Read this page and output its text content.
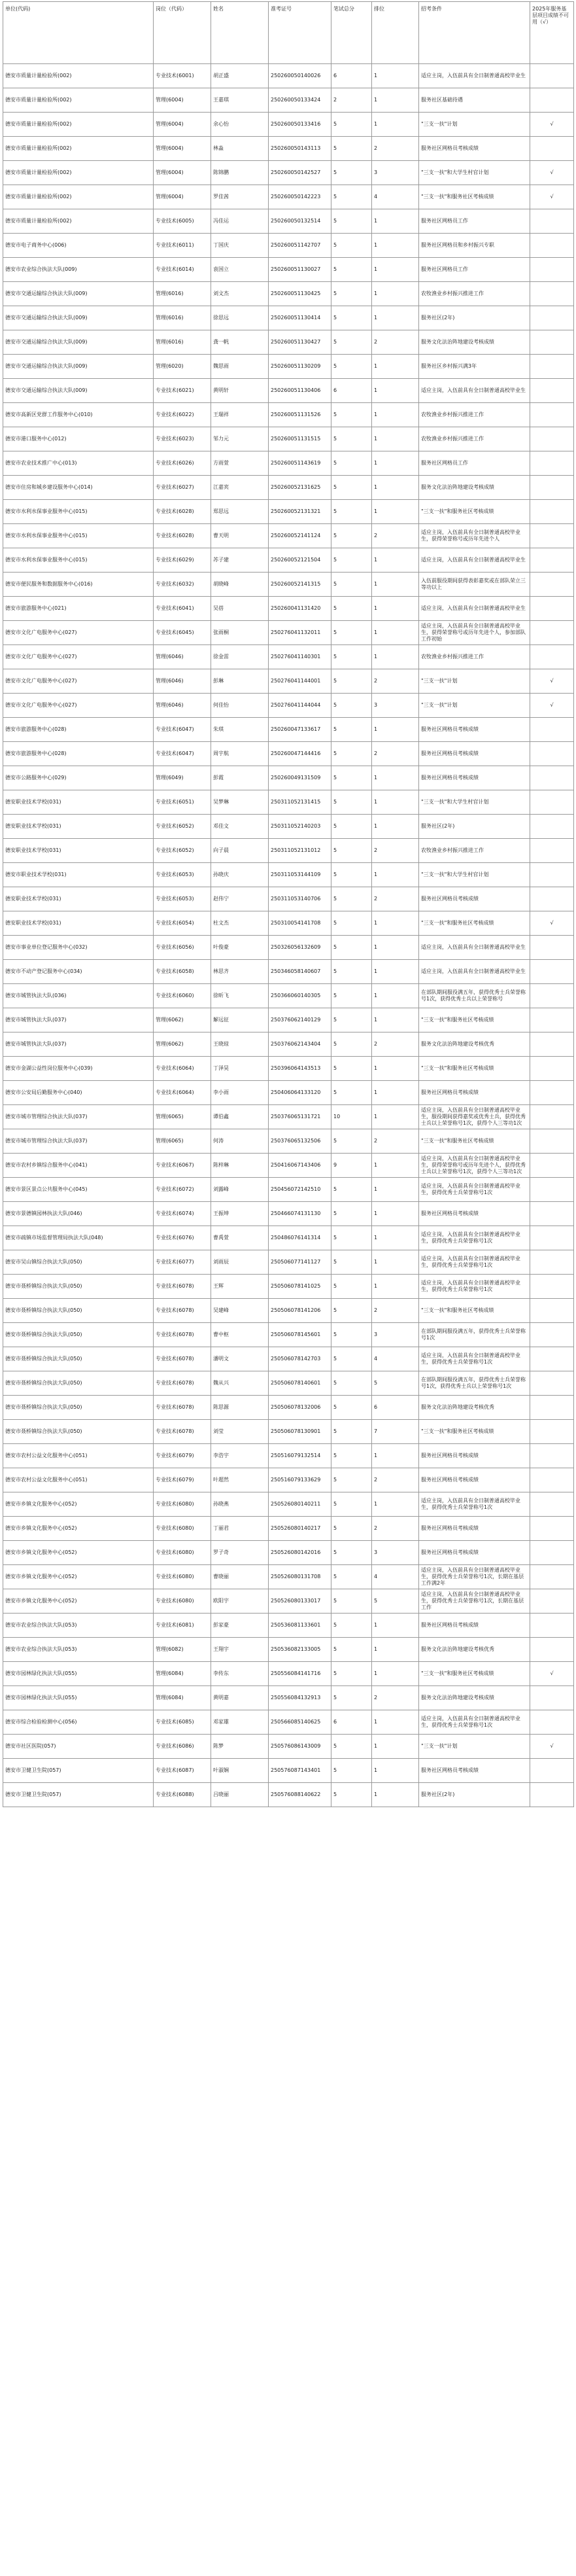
单位(代码)	岗位（代码）	姓名	准考证号	笔试总分	排位	招考条件	2025年服务基层项目成绩不可用（√）
德安市质量计量检验所(002)	专业技术(6001)	胡正盛	250260050140026	6	1	适应主岗，入伍前具有全日制普通高校毕业生	
德安市质量计量检验所(002)	管理(6004)	王嘉琪	250260050133424	2	1	服务社区基础待遇	
德安市质量计量检验所(002)	管理(6004)	余心怡	250260050133416	5	1	"三支一扶"计划	√
德安市质量计量检验所(002)	管理(6004)	林淼	250260050143113	5	2	服务社区网格员考核成绩	
德安市质量计量检验所(002)	管理(6004)	陈锦鹏	250260050142527	5	3	"三支一扶"和大学生村官计划	√
德安市质量计量检验所(002)	管理(6004)	罗佳茜	250260050142223	5	4	"三支一扶"和服务社区考核成绩	√
德安市质量计量检验所(002)	专业技术(6005)	冯佳运	250260050132514	5	1	服务社区网格员工作	
德安市电子商务中心(006)	专业技术(6011)	丁国庆	250260051142707	5	1	服务社区网格员和乡村振兴专职	
德安市农业综合执法大队(009)	专业技术(6014)	袁国立	250260051130027	5	1	服务社区网格员工作	
德安市交通运输综合执法大队(009)	管理(6016)	刘文杰	250260051130425	5	1	农牧渔业乡村振兴推进工作	
德安市交通运输综合执法大队(009)	管理(6016)	徐思远	250260051130414	5	1	服务社区(2年)	
德安市交通运输综合执法大队(009)	管理(6016)	龚一帆	250260051130427	5	2	服务文化法治阵地建设考核成绩	
德安市交通运输综合执法大队(009)	管理(6020)	魏思雨	250260051130209	5	1	服务社区乡村振兴满3年	
德安市交通运输综合执法大队(009)	专业技术(6021)	黄明轩	250260051130406	6	1	适应主岗，入伍前具有全日制普通高校毕业生	
德安市高新区党群工作服务中心(010)	专业技术(6022)	王瑞祥	250260051131526	5	1	农牧渔业乡村振兴推进工作	
德安市港口服务中心(012)	专业技术(6023)	邹力元	250260051131515	5	1	农牧渔业乡村振兴推进工作	
德安市农业技术推广中心(013)	专业技术(6026)	方雨萱	250260051143619	5	1	服务社区网格员工作	
德安市住房和城乡建设服务中心(014)	专业技术(6027)	江嘉宾	250260052131625	5	1	服务文化法治阵地建设考核成绩	
德安市水利水保事业服务中心(015)	专业技术(6028)	郑思远	250260052131321	5	1	"三支一扶"和服务社区考核成绩	
德安市水利水保事业服务中心(015)	专业技术(6028)	曹天明	250260052141124	5	2	适应主岗，入伍前具有全日制普通高校毕业生，获得荣誉称号或历年先进个人	
德安市水利水保事业服务中心(015)	专业技术(6029)	苏子建	250260052121504	5	1	适应主岗，入伍前具有全日制普通高校毕业生	
德安市便民服务和数据服务中心(016)	专业技术(6032)	胡晓峰	250260052141315	5	1	入伍前服役期间获得表彰嘉奖或在部队荣立三等功以上	
德安市旅游服务中心(021)	专业技术(6041)	吴蓓	250260041131420	5	1	适应主岗，入伍前具有全日制普通高校毕业生	
德安市文化广电服务中心(027)	专业技术(6045)	张雨桐	250276041132011	5	1	适应主岗，入伍前具有全日制普通高校毕业生，获得荣誉称号或历年先进个人，参加部队工作初始	
德安市文化广电服务中心(027)	管理(6046)	徐金雷	250276041140301	5	1	农牧渔业乡村振兴推进工作	
德安市文化广电服务中心(027)	管理(6046)	彭琳	250276041144001	5	2	"三支一扶"计划	√
德安市文化广电服务中心(027)	管理(6046)	何佳怡	250276041144044	5	3	"三支一扶"计划	√
德安市旅游服务中心(028)	专业技术(6047)	朱琪	250260047133617	5	1	服务社区网格员考核成绩	
德安市旅游服务中心(028)	专业技术(6047)	周宇航	250260047144416	5	2	服务社区网格员考核成绩	
德安市公路服务中心(029)	管理(6049)	彭霞	250260049131509	5	1	服务社区网格员考核成绩	
德安职业技术学校(031)	专业技术(6051)	吴梦琳	250311052131415	5	1	"三支一扶"和大学生村官计划	
德安职业技术学校(031)	专业技术(6052)	邓佳文	250311052140203	5	1	服务社区(2年)	
德安职业技术学校(031)	专业技术(6052)	向子晨	250311052131012	5	2	农牧渔业乡村振兴推进工作	
德安市职业技术学校(031)	专业技术(6053)	孙晓庆	250311053144109	5	1	"三支一扶"和大学生村官计划	
德安职业技术学校(031)	专业技术(6053)	赵伟宁	250311053140706	5	2	服务社区网格员考核成绩	
德安职业技术学校(031)	专业技术(6054)	杜文杰	250310054141708	5	1	"三支一扶"和服务社区考核成绩	√
德安市事业单位登记服务中心(032)	专业技术(6056)	叶俊豪	250326056132609	5	1	适应主岗，入伍前具有全日制普通高校毕业生	
德安市不动产登记服务中心(034)	专业技术(6058)	林思齐	250346058140607	5	1	适应主岗，入伍前具有全日制普通高校毕业生	
德安市城管执法大队(036)	专业技术(6060)	徐昕飞	250366060140305	5	1	在部队期间服役满五年，获得优秀士兵荣誉称号1次，获得优秀士兵以上荣誉称号	
德安市城管执法大队(037)	管理(6062)	解远征	250376062140129	5	1	"三支一扶"和服务社区考核成绩	
德安市城管执法大队(037)	管理(6062)	王晓琼	250376062143404	5	2	服务文化法治阵地建设考核优秀	
德安市金湖公益性岗位服务中心(039)	专业技术(6064)	丁泽昊	250396064143513	5	1	"三支一扶"和服务社区考核成绩	
德安市公安局后勤服务中心(040)	专业技术(6064)	李小雨	250406064133120	5	1	服务社区网格员考核成绩	
德安市城市管理综合执法大队(037)	管理(6065)	谭伯鑫	250376065131721	10	1	适应主岗，入伍前具有全日制普通高校毕业生，服役期间获得嘉奖或优秀士兵，获得优秀士兵以上荣誉称号1次，获得个人三等功1次	
德安市城市管理综合执法大队(037)	管理(6065)	何涛	250376065132506	5	2	"三支一扶"和服务社区考核成绩	
德安市农村乡镇综合服务中心(041)	专业技术(6067)	陈梓琳	250416067143406	9	1	适应主岗，入伍前具有全日制普通高校毕业生，获得荣誉称号或历年先进个人，获得优秀士兵以上荣誉称号1次，获得个人三等功1次	
德安市景区景点公共服务中心(045)	专业技术(6072)	刘露峰	250456072142510	5	1	适应主岗，入伍前具有全日制普通高校毕业生，获得优秀士兵荣誉称号1次	
德安市景德镇园林执法大队(046)	专业技术(6074)	王振坤	250466074131130	5	1	服务社区网格员考核成绩	
德安市疏镇市场监督管理局执法大队(048)	专业技术(6076)	曹禹萱	250486076141314	5	1	适应主岗，入伍前具有全日制普通高校毕业生，获得优秀士兵荣誉称号1次	
德安市吴山镇综合执法大队(050)	专业技术(6077)	刘雨辰	250506077141127	5	1	适应主岗，入伍前具有全日制普通高校毕业生，获得优秀士兵荣誉称号1次	
德安市聂桥镇综合执法大队(050)	专业技术(6078)	王辉	250506078141025	5	1	适应主岗，入伍前具有全日制普通高校毕业生，获得优秀士兵荣誉称号1次	
德安市聂桥镇综合执法大队(050)	专业技术(6078)	吴建峰	250506078141206	5	2	"三支一扶"和服务社区考核成绩	
德安市聂桥镇综合执法大队(050)	专业技术(6078)	曹中枢	250506078145601	5	3	在部队期间服役满五年，获得优秀士兵荣誉称号1次	
德安市聂桥镇综合执法大队(050)	专业技术(6078)	潘明文	250506078142703	5	4	适应主岗，入伍前具有全日制普通高校毕业生，获得优秀士兵荣誉称号1次	
德安市聂桥镇综合执法大队(050)	专业技术(6078)	魏从兴	250506078140601	5	5	在部队期间服役满五年，获得优秀士兵荣誉称号1次，获得优秀士兵以上荣誉称号1次	
德安市聂桥镇综合执法大队(050)	专业技术(6078)	陈思源	250506078132006	5	6	服务文化法治阵地建设考核优秀	
德安市聂桥镇综合执法大队(050)	专业技术(6078)	刘莹	250506078130901	5	7	"三支一扶"和服务社区考核成绩	
德安市农村公益文化服务中心(051)	专业技术(6079)	李浩宇	250516079132514	5	1	服务社区网格员考核成绩	
德安市农村公益文化服务中心(051)	专业技术(6079)	叶超然	250516079133629	5	2	服务社区网格员考核成绩	
德安市乡镇文化服务中心(052)	专业技术(6080)	孙晓燕	250526080140211	5	1	适应主岗，入伍前具有全日制普通高校毕业生，获得优秀士兵荣誉称号1次	
德安市乡镇文化服务中心(052)	专业技术(6080)	丁丽君	250526080140217	5	2	服务社区网格员考核成绩	
德安市乡镇文化服务中心(052)	专业技术(6080)	罗子奇	250526080142016	5	3	服务社区网格员考核成绩	
德安市乡镇文化服务中心(052)	专业技术(6080)	曹晓丽	250526080131708	5	4	适应主岗，入伍前具有全日制普通高校毕业生，获得优秀士兵荣誉称号1次，长期在基层工作满2年	
德安市乡镇文化服务中心(052)	专业技术(6080)	欧阳宇	250526080133017	5	5	适应主岗，入伍前具有全日制普通高校毕业生，获得优秀士兵荣誉称号1次，长期在基层工作	
德安市农业综合执法大队(053)	专业技术(6081)	彭家豪	250536081133601	5	1	服务社区网格员考核成绩	
德安市农业综合执法大队(053)	管理(6082)	王翔宇	250536082133005	5	1	服务文化法治阵地建设考核优秀	
德安市园林绿化执法大队(055)	管理(6084)	李传东	250556084141716	5	1	"三支一扶"和服务社区考核成绩	√
德安市园林绿化执法大队(055)	管理(6084)	黄明嘉	250556084132913	5	2	服务文化法治阵地建设考核成绩	
德安市综合检验检测中心(056)	专业技术(6085)	邓家雄	250566085140625	6	1	适应主岗，入伍前具有全日制普通高校毕业生，获得优秀士兵荣誉称号1次	
德安市社区医院(057)	专业技术(6086)	陈梦	250576086143009	5	1	"三支一扶"计划	√
德安市卫健卫生院(057)	专业技术(6087)	叶淑娴	250576087143401	5	1	服务社区网格员考核成绩	
德安市卫健卫生院(057)	专业技术(6088)	吕晓丽	250576088140622	5	1	服务社区(2年)	
